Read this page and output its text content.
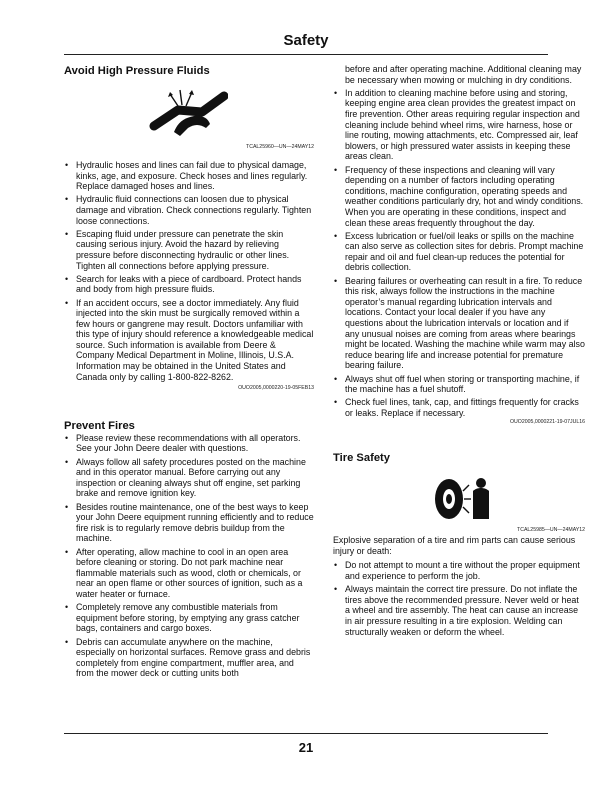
Safety
Avoid High Pressure Fluids
TCAL25960—UN—24MAY12
• Hydraulic hoses and lines can fail due to physical damage, kinks, age, and exposure. Check hoses and lines regularly. Replace damaged hoses and lines.
• Hydraulic fluid connections can loosen due to physical damage and vibration. Check connections regularly. Tighten loose connections.
• Escaping fluid under pressure can penetrate the skin causing serious injury. Avoid the hazard by relieving pressure before disconnecting hydraulic or other lines. Tighten all connections before applying pressure.
• Search for leaks with a piece of cardboard. Protect hands and body from high pressure fluids.
• If an accident occurs, see a doctor immediately. Any fluid injected into the skin must be surgically removed within a few hours or gangrene may result. Doctors unfamiliar with this type of injury should reference a knowledgeable medical source. Such information is available from Deere & Company Medical Department in Moline, Illinois, U.S.A. Information may be obtained in the United States and Canada only by calling 1-800-822-8262.
OUO2005,0000220-19-05FEB13
Prevent Fires
• Please review these recommendations with all operators. See your John Deere dealer with questions.
• Always follow all safety procedures posted on the machine and in this operator manual. Before carrying out any inspection or cleaning always shut off engine, set parking brake and remove ignition key.
• Besides routine maintenance, one of the best ways to keep your John Deere equipment running efficiently and to reduce fire risk is to regularly remove debris buildup from the machine.
• After operating, allow machine to cool in an open area before cleaning or storing. Do not park machine near flammable materials such as wood, cloth or chemicals, or near an open flame or other sources of ignition, such as a water heater or furnace.
• Completely remove any combustible materials from equipment before storing, by emptying any grass catcher bags, containers and cargo boxes.
• Debris can accumulate anywhere on the machine, especially on horizontal surfaces. Remove grass and debris completely from engine compartment, muffler area, and from the mower deck or cutting units both
before and after operating machine. Additional cleaning may be necessary when mowing or mulching in dry conditions.
• In addition to cleaning machine before using and storing, keeping engine area clean provides the greatest impact on fire prevention. Other areas requiring regular inspection and cleaning include behind wheel rims, wire harness, hose or line routing, mowing attachments, etc. Compressed air, leaf blowers, or high pressured water assists in keeping these areas clean.
• Frequency of these inspections and cleaning will vary depending on a number of factors including operating conditions, machine configuration, operating speeds and weather conditions particularly dry, hot and windy conditions. When you are operating in these conditions, inspect and clean these areas frequently throughout the day.
• Excess lubrication or fuel/oil leaks or spills on the machine can also serve as collection sites for debris. Prompt machine repair and oil and fuel clean-up reduces the potential for debris collection.
• Bearing failures or overheating can result in a fire. To reduce this risk, always follow the instructions in the machine operator’s manual regarding lubrication intervals and locations. Contact your local dealer if you have any questions about the lubrication intervals or location and if any unusual noises are coming from areas where bearings might be located. Washing the machine while warm may also reduce bearing life and increase potential for premature bearing failure.
• Always shut off fuel when storing or transporting machine, if the machine has a fuel shutoff.
• Check fuel lines, tank, cap, and fittings frequently for cracks or leaks. Replace if necessary.
OUO2005,0000221-19-07JUL16
Tire Safety
TCAL25985—UN—24MAY12
Explosive separation of a tire and rim parts can cause serious injury or death:
• Do not attempt to mount a tire without the proper equipment and experience to perform the job.
• Always maintain the correct tire pressure. Do not inflate the tires above the recommended pressure. Never weld or heat a wheel and tire assembly. The heat can cause an increase in air pressure resulting in a tire explosion. Welding can structurally weaken or deform the wheel.
21
